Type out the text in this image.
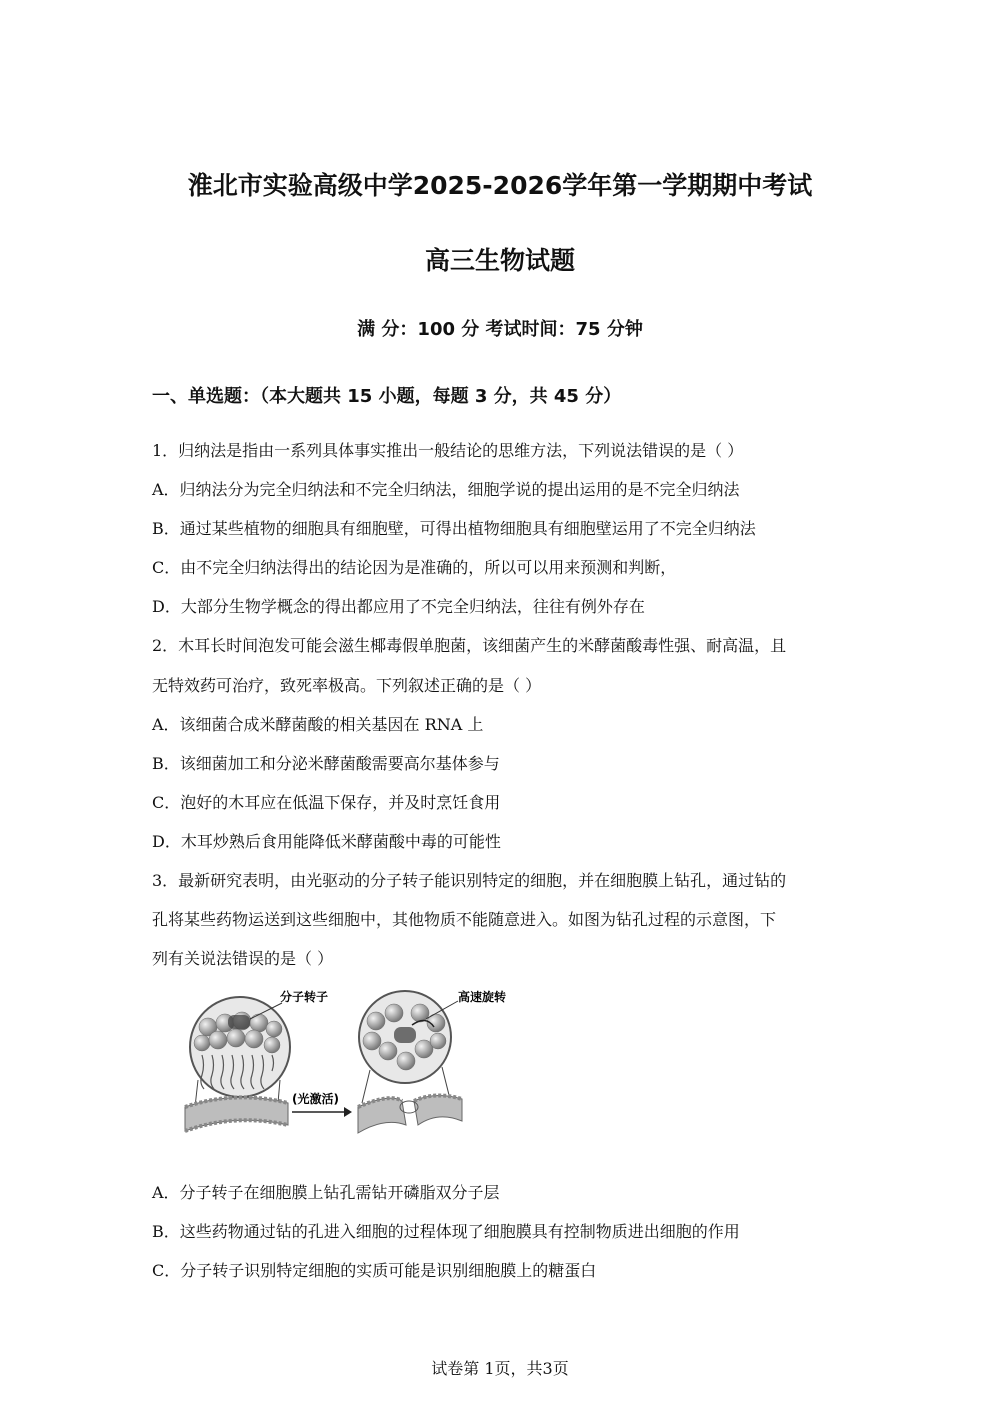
淮北市实验高级中学2025-2026学年第一学期期中考试
高三生物试题
满 分：100 分 考试时间：75 分钟
一、单选题：（本大题共 15 小题，每题 3 分，共 45 分）
1．归纳法是指由一系列具体事实推出一般结论的思维方法，下列说法错误的是（ ）
A．归纳法分为完全归纳法和不完全归纳法，细胞学说的提出运用的是不完全归纳法
B．通过某些植物的细胞具有细胞壁，可得出植物细胞具有细胞壁运用了不完全归纳法
C．由不完全归纳法得出的结论因为是准确的，所以可以用来预测和判断，
D．大部分生物学概念的得出都应用了不完全归纳法，往往有例外存在
2．木耳长时间泡发可能会滋生椰毒假单胞菌，该细菌产生的米酵菌酸毒性强、耐高温，且
无特效药可治疗，致死率极高。下列叙述正确的是（ ）
A．该细菌合成米酵菌酸的相关基因在 RNA 上
B．该细菌加工和分泌米酵菌酸需要高尔基体参与
C．泡好的木耳应在低温下保存，并及时烹饪食用
D．木耳炒熟后食用能降低米酵菌酸中毒的可能性
3．最新研究表明，由光驱动的分子转子能识别特定的细胞，并在细胞膜上钻孔，通过钻的
孔将某些药物运送到这些细胞中，其他物质不能随意进入。如图为钻孔过程的示意图，下
列有关说法错误的是（ ）
分子转子
(光激活)
高速旋转
A．分子转子在细胞膜上钻孔需钻开磷脂双分子层
B．这些药物通过钻的孔进入细胞的过程体现了细胞膜具有控制物质进出细胞的作用
C．分子转子识别特定细胞的实质可能是识别细胞膜上的糖蛋白
试卷第 1页，共3页
